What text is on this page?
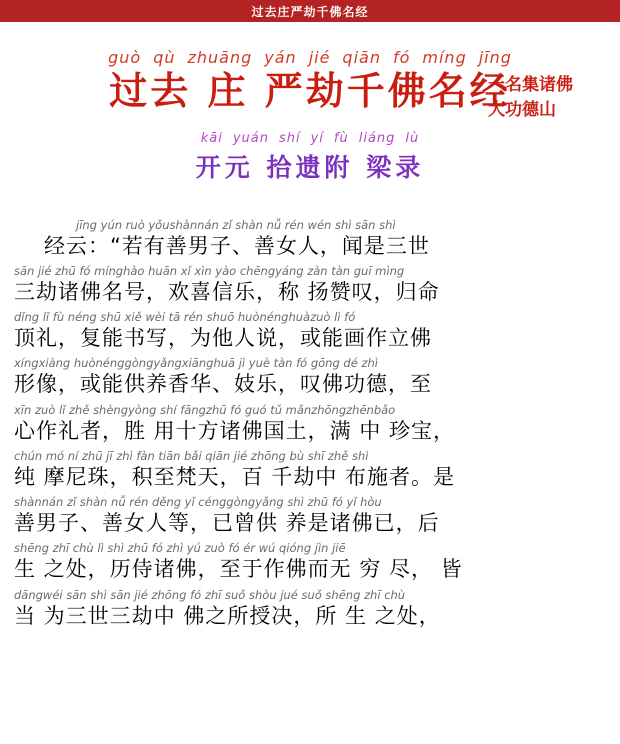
过去庄严劫千佛名经
guò qù zhuāng yán jié qiān fó míng jīng
过去 庄 严劫千佛名经
一名集诸佛
大功德山
kāi yuán shí yí fù liáng lù
开元 拾遗附 梁录
jīng yún ruò yǒushànnán zǐ shàn nǚ rén wén shì sān shì
经云：“若有善男子、善女人，闻是三世
sān jié zhū fó mínghào huān xǐ xìn yào chēngyáng zàn tàn guī mìng
三劫诸佛名号，欢喜信乐，称 扬赞叹，归命
dǐng lǐ fù néng shū xiě wèi tā rén shuō huònénghuàzuò lì fó
顶礼，复能书写，为他人说，或能画作立佛
xíngxiàng huònénggòngyǎngxiānghuā jì yuè tàn fó gōng dé zhì
形像，或能供养香华、妓乐，叹佛功德，至
xīn zuò lǐ zhě shèngyòng shí fāngzhū fó guó tǔ mǎnzhōngzhēnbǎo
心作礼者，胜 用十方诸佛国土，满 中 珍宝，
chún mó ní zhū jī zhì fàn tiān bǎi qiān jié zhōng bù shī zhě shì
纯 摩尼珠，积至梵天，百 千劫中 布施者。是
shànnán zǐ shàn nǚ rén děng yǐ cénggòngyǎng shì zhū fó yǐ hòu
善男子、善女人等，已曾供 养是诸佛已，后
shēng zhī chù lì shì zhū fó zhì yú zuò fó ér wú qióng jìn jiē
生 之处，历侍诸佛，至于作佛而无 穷 尽， 皆
dāngwéi sān shì sān jié zhōng fó zhī suǒ shòu jué suǒ shēng zhī chù
当 为三世三劫中 佛之所授决，所 生 之处，
